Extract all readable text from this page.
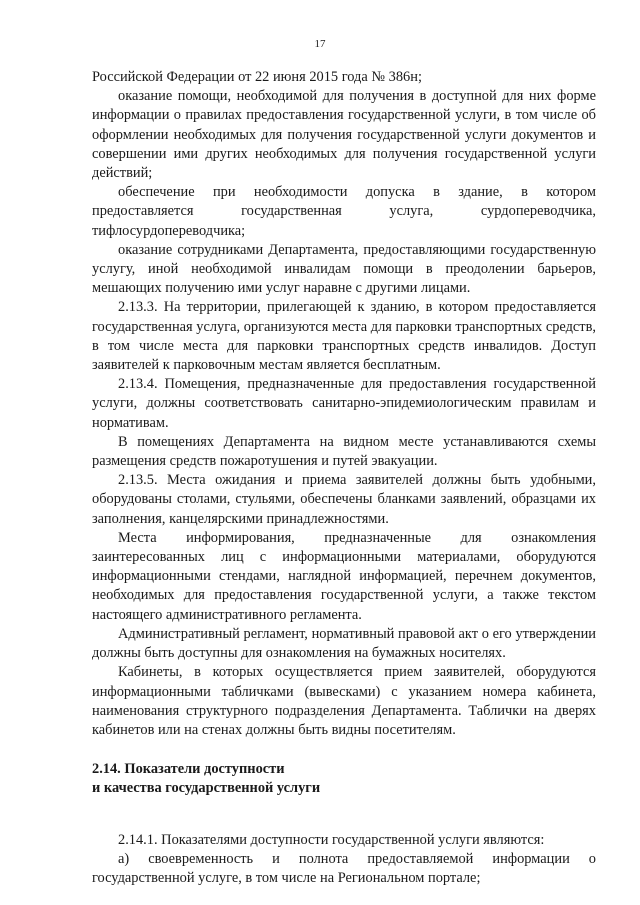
17

Российской Федерации от 22 июня 2015 года № 386н;

оказание помощи, необходимой для получения в доступной для них форме информации о правилах предоставления государственной услуги, в том числе об оформлении необходимых для получения государственной услуги документов и совершении ими других необходимых для получения государственной услуги действий;

обеспечение при необходимости допуска в здание, в котором предоставляется государственная услуга, сурдопереводчика, тифлосурдопереводчика;

оказание сотрудниками Департамента, предоставляющими государственную услугу, иной необходимой инвалидам помощи в преодолении барьеров, мешающих получению ими услуг наравне с другими лицами.

2.13.3. На территории, прилегающей к зданию, в котором предоставляется государственная услуга, организуются места для парковки транспортных средств, в том числе места для парковки транспортных средств инвалидов. Доступ заявителей к парковочным местам является бесплатным.

2.13.4. Помещения, предназначенные для предоставления государственной услуги, должны соответствовать санитарно-эпидемиологическим правилам и нормативам.

В помещениях Департамента на видном месте устанавливаются схемы размещения средств пожаротушения и путей эвакуации.

2.13.5. Места ожидания и приема заявителей должны быть удобными, оборудованы столами, стульями, обеспечены бланками заявлений, образцами их заполнения, канцелярскими принадлежностями.

Места информирования, предназначенные для ознакомления заинтересованных лиц с информационными материалами, оборудуются информационными стендами, наглядной информацией, перечнем документов, необходимых для предоставления государственной услуги, а также текстом настоящего административного регламента.

Административный регламент, нормативный правовой акт о его утверждении должны быть доступны для ознакомления на бумажных носителях.

Кабинеты, в которых осуществляется прием заявителей, оборудуются информационными табличками (вывесками) с указанием номера кабинета, наименования структурного подразделения Департамента. Таблички на дверях кабинетов или на стенах должны быть видны посетителям.

2.14. Показатели доступности
и качества государственной услуги

2.14.1. Показателями доступности государственной услуги являются:

а) своевременность и полнота предоставляемой информации о государственной услуге, в том числе на Региональном портале;
